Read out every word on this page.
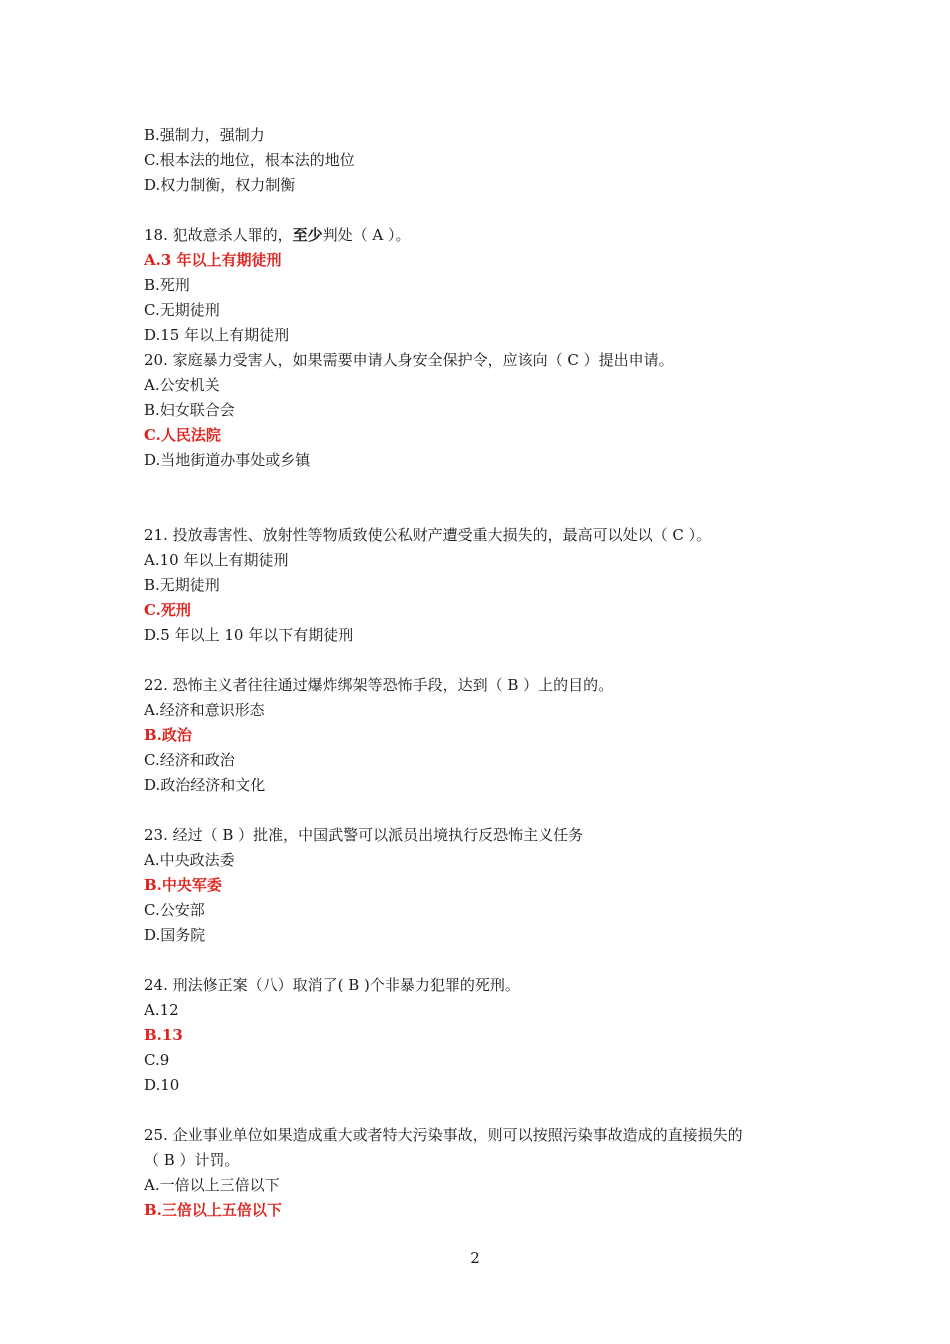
B.强制力，强制力
C.根本法的地位，根本法的地位
D.权力制衡，权力制衡
18. 犯故意杀人罪的，至少判处（ A ）。
A.3 年以上有期徒刑
B.死刑
C.无期徒刑
D.15 年以上有期徒刑
20. 家庭暴力受害人，如果需要申请人身安全保护令，应该向（ C ）提出申请。
A.公安机关
B.妇女联合会
C.人民法院
D.当地街道办事处或乡镇
21. 投放毒害性、放射性等物质致使公私财产遭受重大损失的，最高可以处以（ C ）。
A.10 年以上有期徒刑
B.无期徒刑
C.死刑
D.5 年以上 10 年以下有期徒刑
22. 恐怖主义者往往通过爆炸绑架等恐怖手段，达到（ B ）上的目的。
A.经济和意识形态
B.政治
C.经济和政治
D.政治经济和文化
23. 经过（ B ）批准，中国武警可以派员出境执行反恐怖主义任务
A.中央政法委
B.中央军委
C.公安部
D.国务院
24. 刑法修正案（八）取消了( B )个非暴力犯罪的死刑。
A.12
B.13
C.9
D.10
25. 企业事业单位如果造成重大或者特大污染事故，则可以按照污染事故造成的直接损失的
（ B ）计罚。
A.一倍以上三倍以下
B.三倍以上五倍以下
2
